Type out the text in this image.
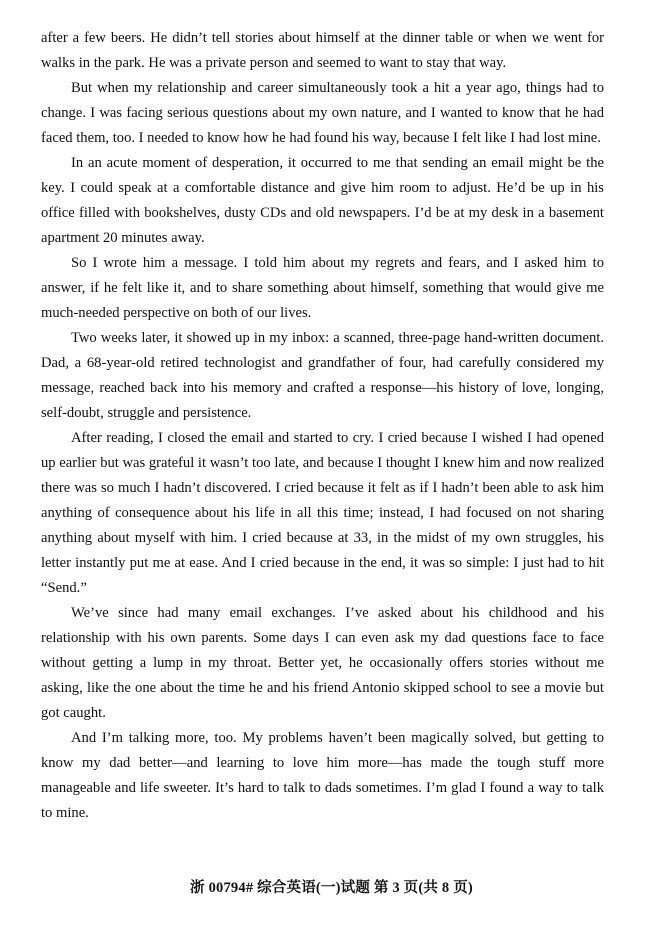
after a few beers. He didn’t tell stories about himself at the dinner table or when we went for walks in the park. He was a private person and seemed to want to stay that way.

But when my relationship and career simultaneously took a hit a year ago, things had to change. I was facing serious questions about my own nature, and I wanted to know that he had faced them, too. I needed to know how he had found his way, because I felt like I had lost mine.

In an acute moment of desperation, it occurred to me that sending an email might be the key. I could speak at a comfortable distance and give him room to adjust. He’d be up in his office filled with bookshelves, dusty CDs and old newspapers. I’d be at my desk in a basement apartment 20 minutes away.

So I wrote him a message. I told him about my regrets and fears, and I asked him to answer, if he felt like it, and to share something about himself, something that would give me much-needed perspective on both of our lives.

Two weeks later, it showed up in my inbox: a scanned, three-page hand-written document. Dad, a 68-year-old retired technologist and grandfather of four, had carefully considered my message, reached back into his memory and crafted a response—his history of love, longing, self-doubt, struggle and persistence.

After reading, I closed the email and started to cry. I cried because I wished I had opened up earlier but was grateful it wasn’t too late, and because I thought I knew him and now realized there was so much I hadn’t discovered. I cried because it felt as if I hadn’t been able to ask him anything of consequence about his life in all this time; instead, I had focused on not sharing anything about myself with him. I cried because at 33, in the midst of my own struggles, his letter instantly put me at ease. And I cried because in the end, it was so simple: I just had to hit “Send.”

We’ve since had many email exchanges. I’ve asked about his childhood and his relationship with his own parents. Some days I can even ask my dad questions face to face without getting a lump in my throat. Better yet, he occasionally offers stories without me asking, like the one about the time he and his friend Antonio skipped school to see a movie but got caught.

And I’m talking more, too. My problems haven’t been magically solved, but getting to know my dad better—and learning to love him more—has made the tough stuff more manageable and life sweeter. It’s hard to talk to dads sometimes. I’m glad I found a way to talk to mine.

浙 00794# 综合英语(一)试题 第 3 页(共 8 页)
